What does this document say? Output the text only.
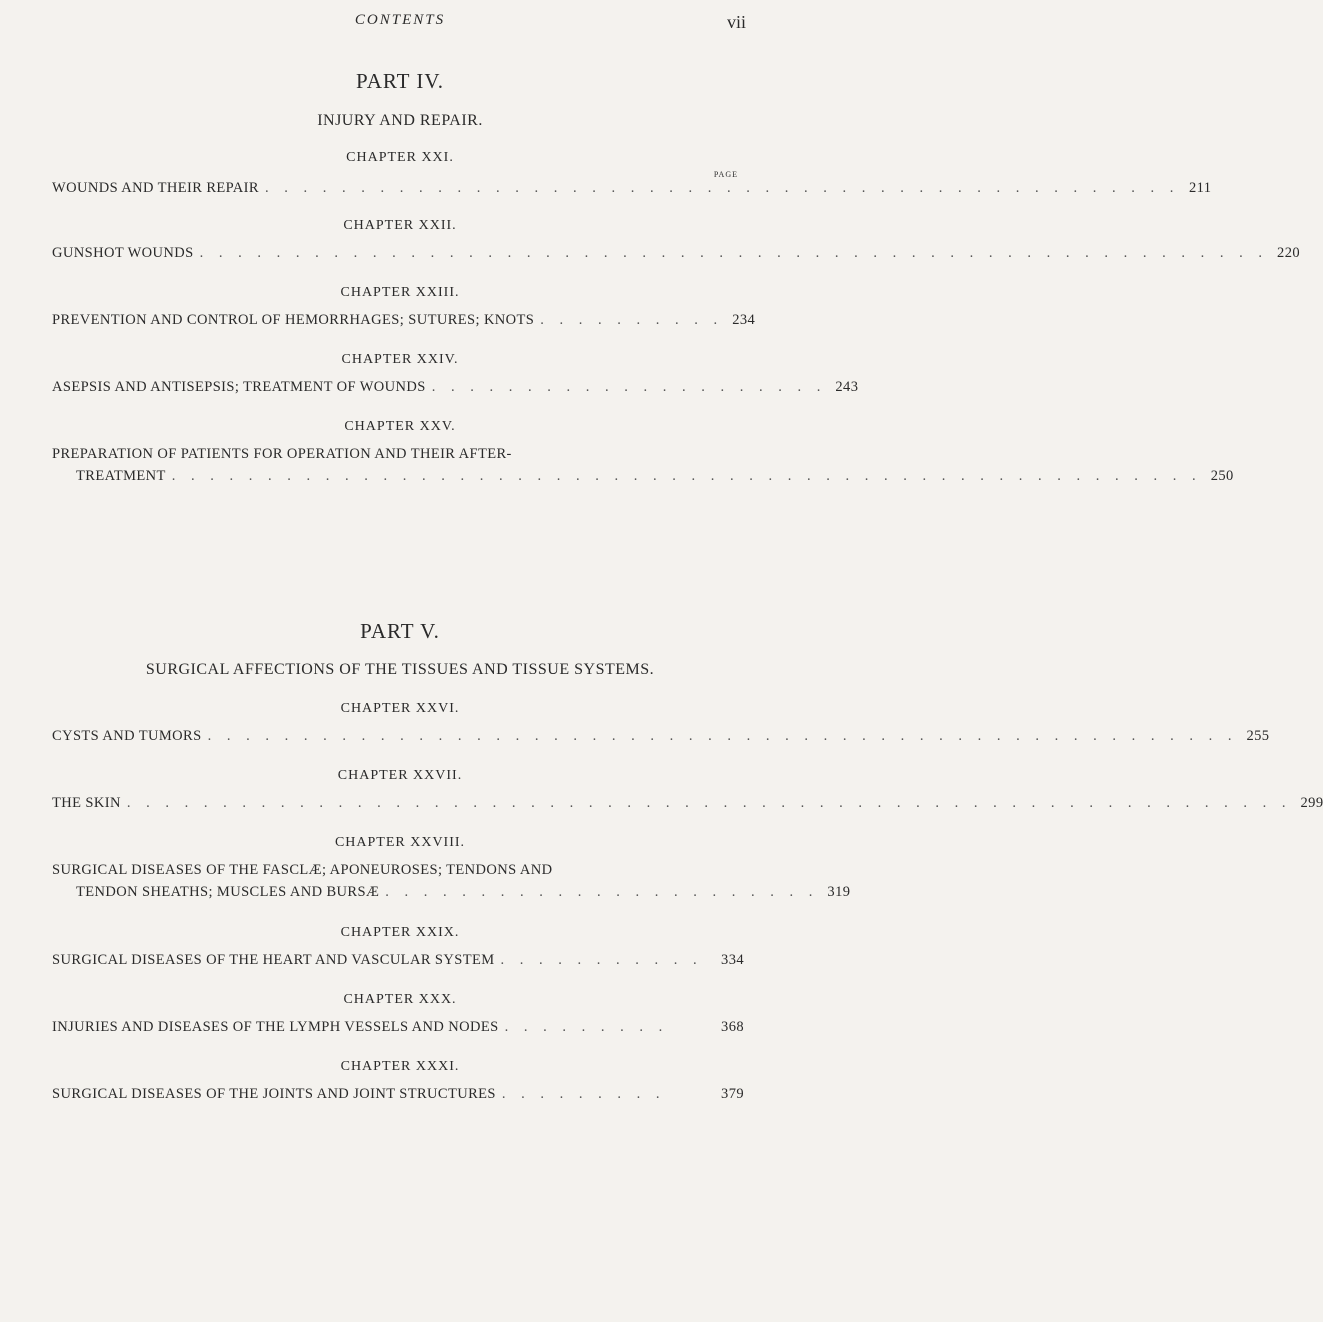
CONTENTS	vii
PART IV.
INJURY AND REPAIR.
CHAPTER XXI.
PAGE
WOUNDS AND THEIR REPAIR . . . . . . . . . . . . . . . . . . . . . . . . . . . . . . . . . . . . . . . . . . . . . . . . 211
CHAPTER XXII.
GUNSHOT WOUNDS . . . . . . . . . . . . . . . . . . . . . . . . . . . . . . . . . . . . . . . . . . . . . . . . . . . . . . . . 220
CHAPTER XXIII.
PREVENTION AND CONTROL OF HEMORRHAGES; SUTURES; KNOTS . . . . . . . . . . 234
CHAPTER XXIV.
ASEPSIS AND ANTISEPSIS; TREATMENT OF WOUNDS . . . . . . . . . . . . . . . . . . . . . 243
CHAPTER XXV.
PREPARATION OF PATIENTS FOR OPERATION AND THEIR AFTER-
TREATMENT . . . . . . . . . . . . . . . . . . . . . . . . . . . . . . . . . . . . . . . . . . . . . . . . . . . . . . 250
PART V.
SURGICAL AFFECTIONS OF THE TISSUES AND TISSUE SYSTEMS.
CHAPTER XXVI.
CYSTS AND TUMORS . . . . . . . . . . . . . . . . . . . . . . . . . . . . . . . . . . . . . . . . . . . . . . . . . . . . . . 255
CHAPTER XXVII.
THE SKIN . . . . . . . . . . . . . . . . . . . . . . . . . . . . . . . . . . . . . . . . . . . . . . . . . . . . . . . . . . . . . 299
CHAPTER XXVIII.
SURGICAL DISEASES OF THE FASCLÆ; APONEUROSES; TENDONS AND
TENDON SHEATHS; MUSCLES AND BURSÆ . . . . . . . . . . . . . . . . . . . . . . . 319
CHAPTER XXIX.
SURGICAL DISEASES OF THE HEART AND VASCULAR SYSTEM . . . . . . . . . . .	334
CHAPTER XXX.
INJURIES AND DISEASES OF THE LYMPH VESSELS AND NODES . . . . . . . . .	368
CHAPTER XXXI.
SURGICAL DISEASES OF THE JOINTS AND JOINT STRUCTURES . . . . . . . . .	379
